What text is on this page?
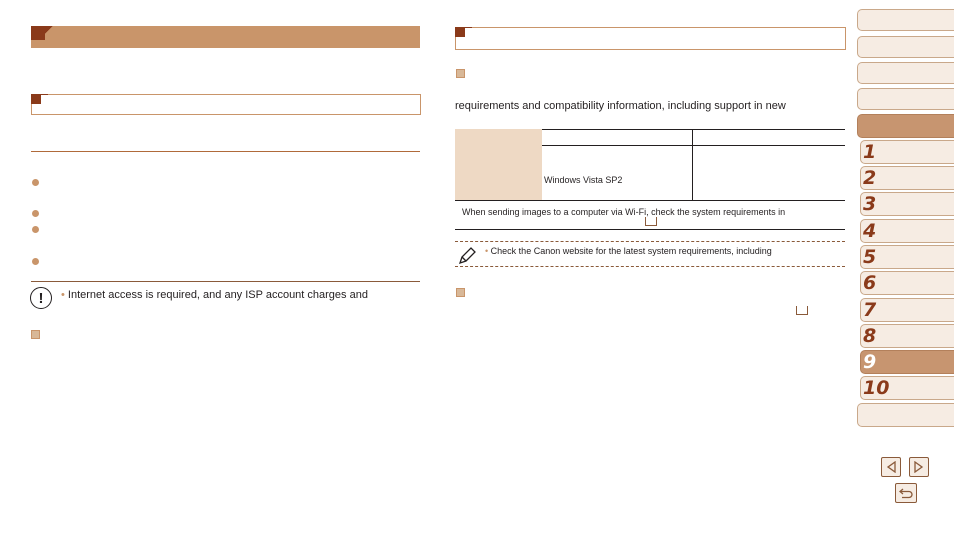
!	• Internet access is required, and any ISP account charges and
requirements and compatibility information, including support in new
Windows Vista SP2
When sending images to a computer via Wi-Fi, check the system requirements in
• Check the Canon website for the latest system requirements, including
1
2
3
4
5
6
7
8
9
10
